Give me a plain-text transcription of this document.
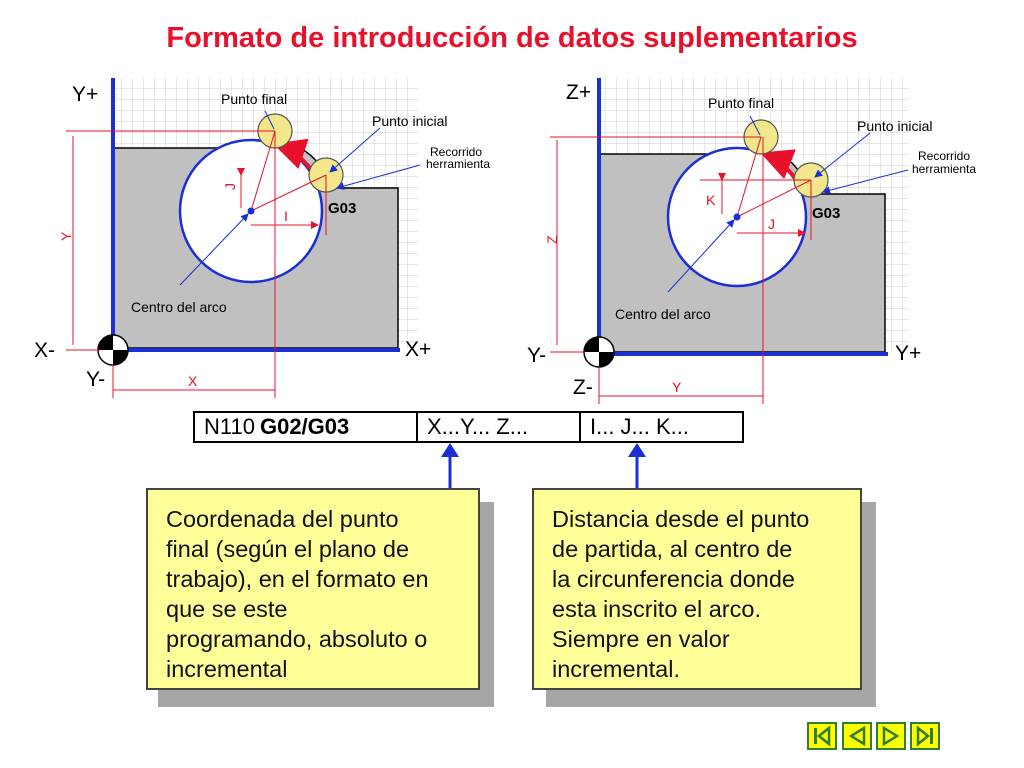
Formato de introducción de datos suplementarios
Y+
Y-
X+
X-
Punto final
Punto inicial
Recorrido
herramienta
G03
Centro del arco
J
I
Y
X
Z+
Z-
Y+
Y-
Punto final
Punto inicial
Recorrido
herramienta
G03
Centro del arco
K
J
Z
Y
N110 G02/G03	X...Y... Z...	I... J... K...
Coordenada del punto
final (según el plano de
trabajo), en el formato en
que se este
programando, absoluto o
incremental
Distancia desde el punto
de partida, al centro de
la circunferencia donde
esta inscrito el arco.
Siempre en valor
incremental.
